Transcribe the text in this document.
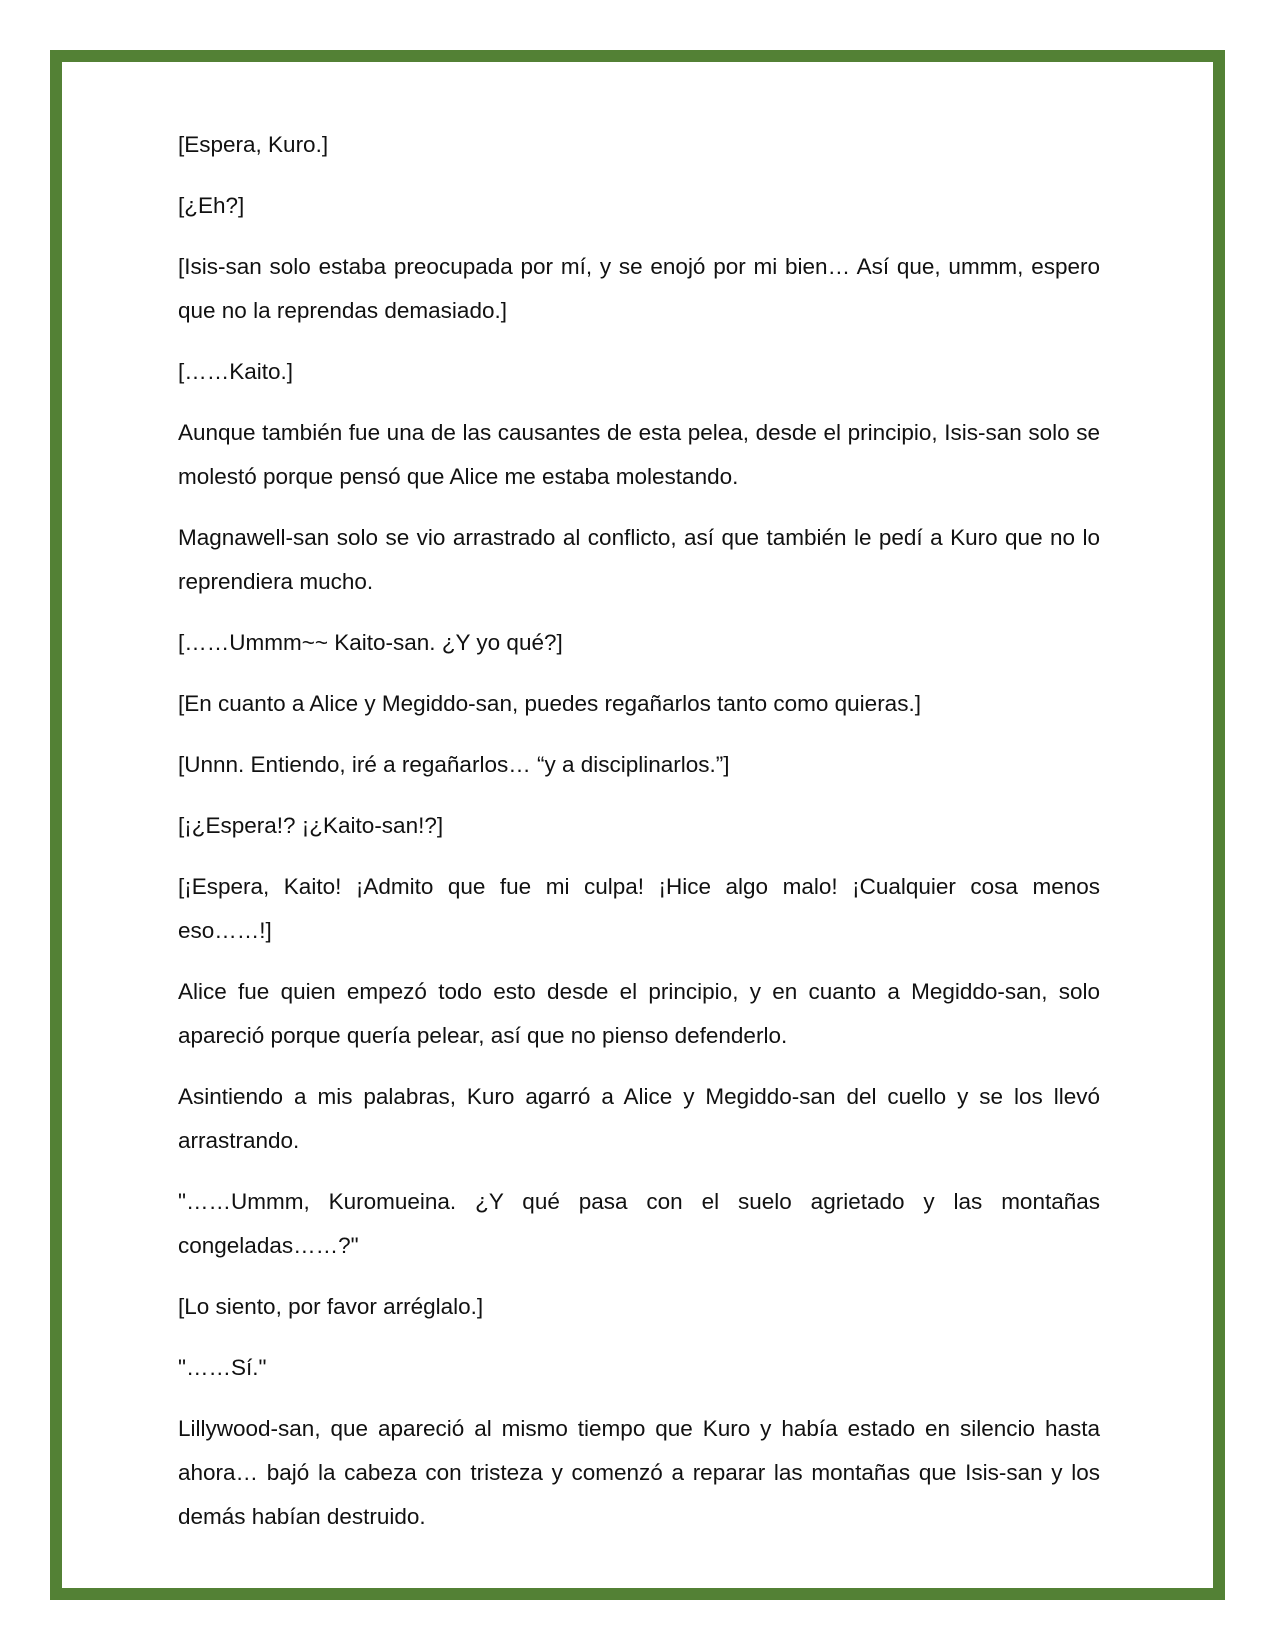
[Espera, Kuro.]

[¿Eh?]

[Isis-san solo estaba preocupada por mí, y se enojó por mi bien… Así que, ummm, espero que no la reprendas demasiado.]

[……Kaito.]

Aunque también fue una de las causantes de esta pelea, desde el principio, Isis-san solo se molestó porque pensó que Alice me estaba molestando.

Magnawell-san solo se vio arrastrado al conflicto, así que también le pedí a Kuro que no lo reprendiera mucho.

[……Ummm~~ Kaito-san. ¿Y yo qué?]

[En cuanto a Alice y Megiddo-san, puedes regañarlos tanto como quieras.]

[Unnn. Entiendo, iré a regañarlos… “y a disciplinarlos.”]

[¡¿Espera!? ¡¿Kaito-san!?]

[¡Espera, Kaito! ¡Admito que fue mi culpa! ¡Hice algo malo! ¡Cualquier cosa menos eso……!]

Alice fue quien empezó todo esto desde el principio, y en cuanto a Megiddo-san, solo apareció porque quería pelear, así que no pienso defenderlo.

Asintiendo a mis palabras, Kuro agarró a Alice y Megiddo-san del cuello y se los llevó arrastrando.

"……Ummm, Kuromueina. ¿Y qué pasa con el suelo agrietado y las montañas congeladas……?"

[Lo siento, por favor arréglalo.]

"……Sí."

Lillywood-san, que apareció al mismo tiempo que Kuro y había estado en silencio hasta ahora… bajó la cabeza con tristeza y comenzó a reparar las montañas que Isis-san y los demás habían destruido.
